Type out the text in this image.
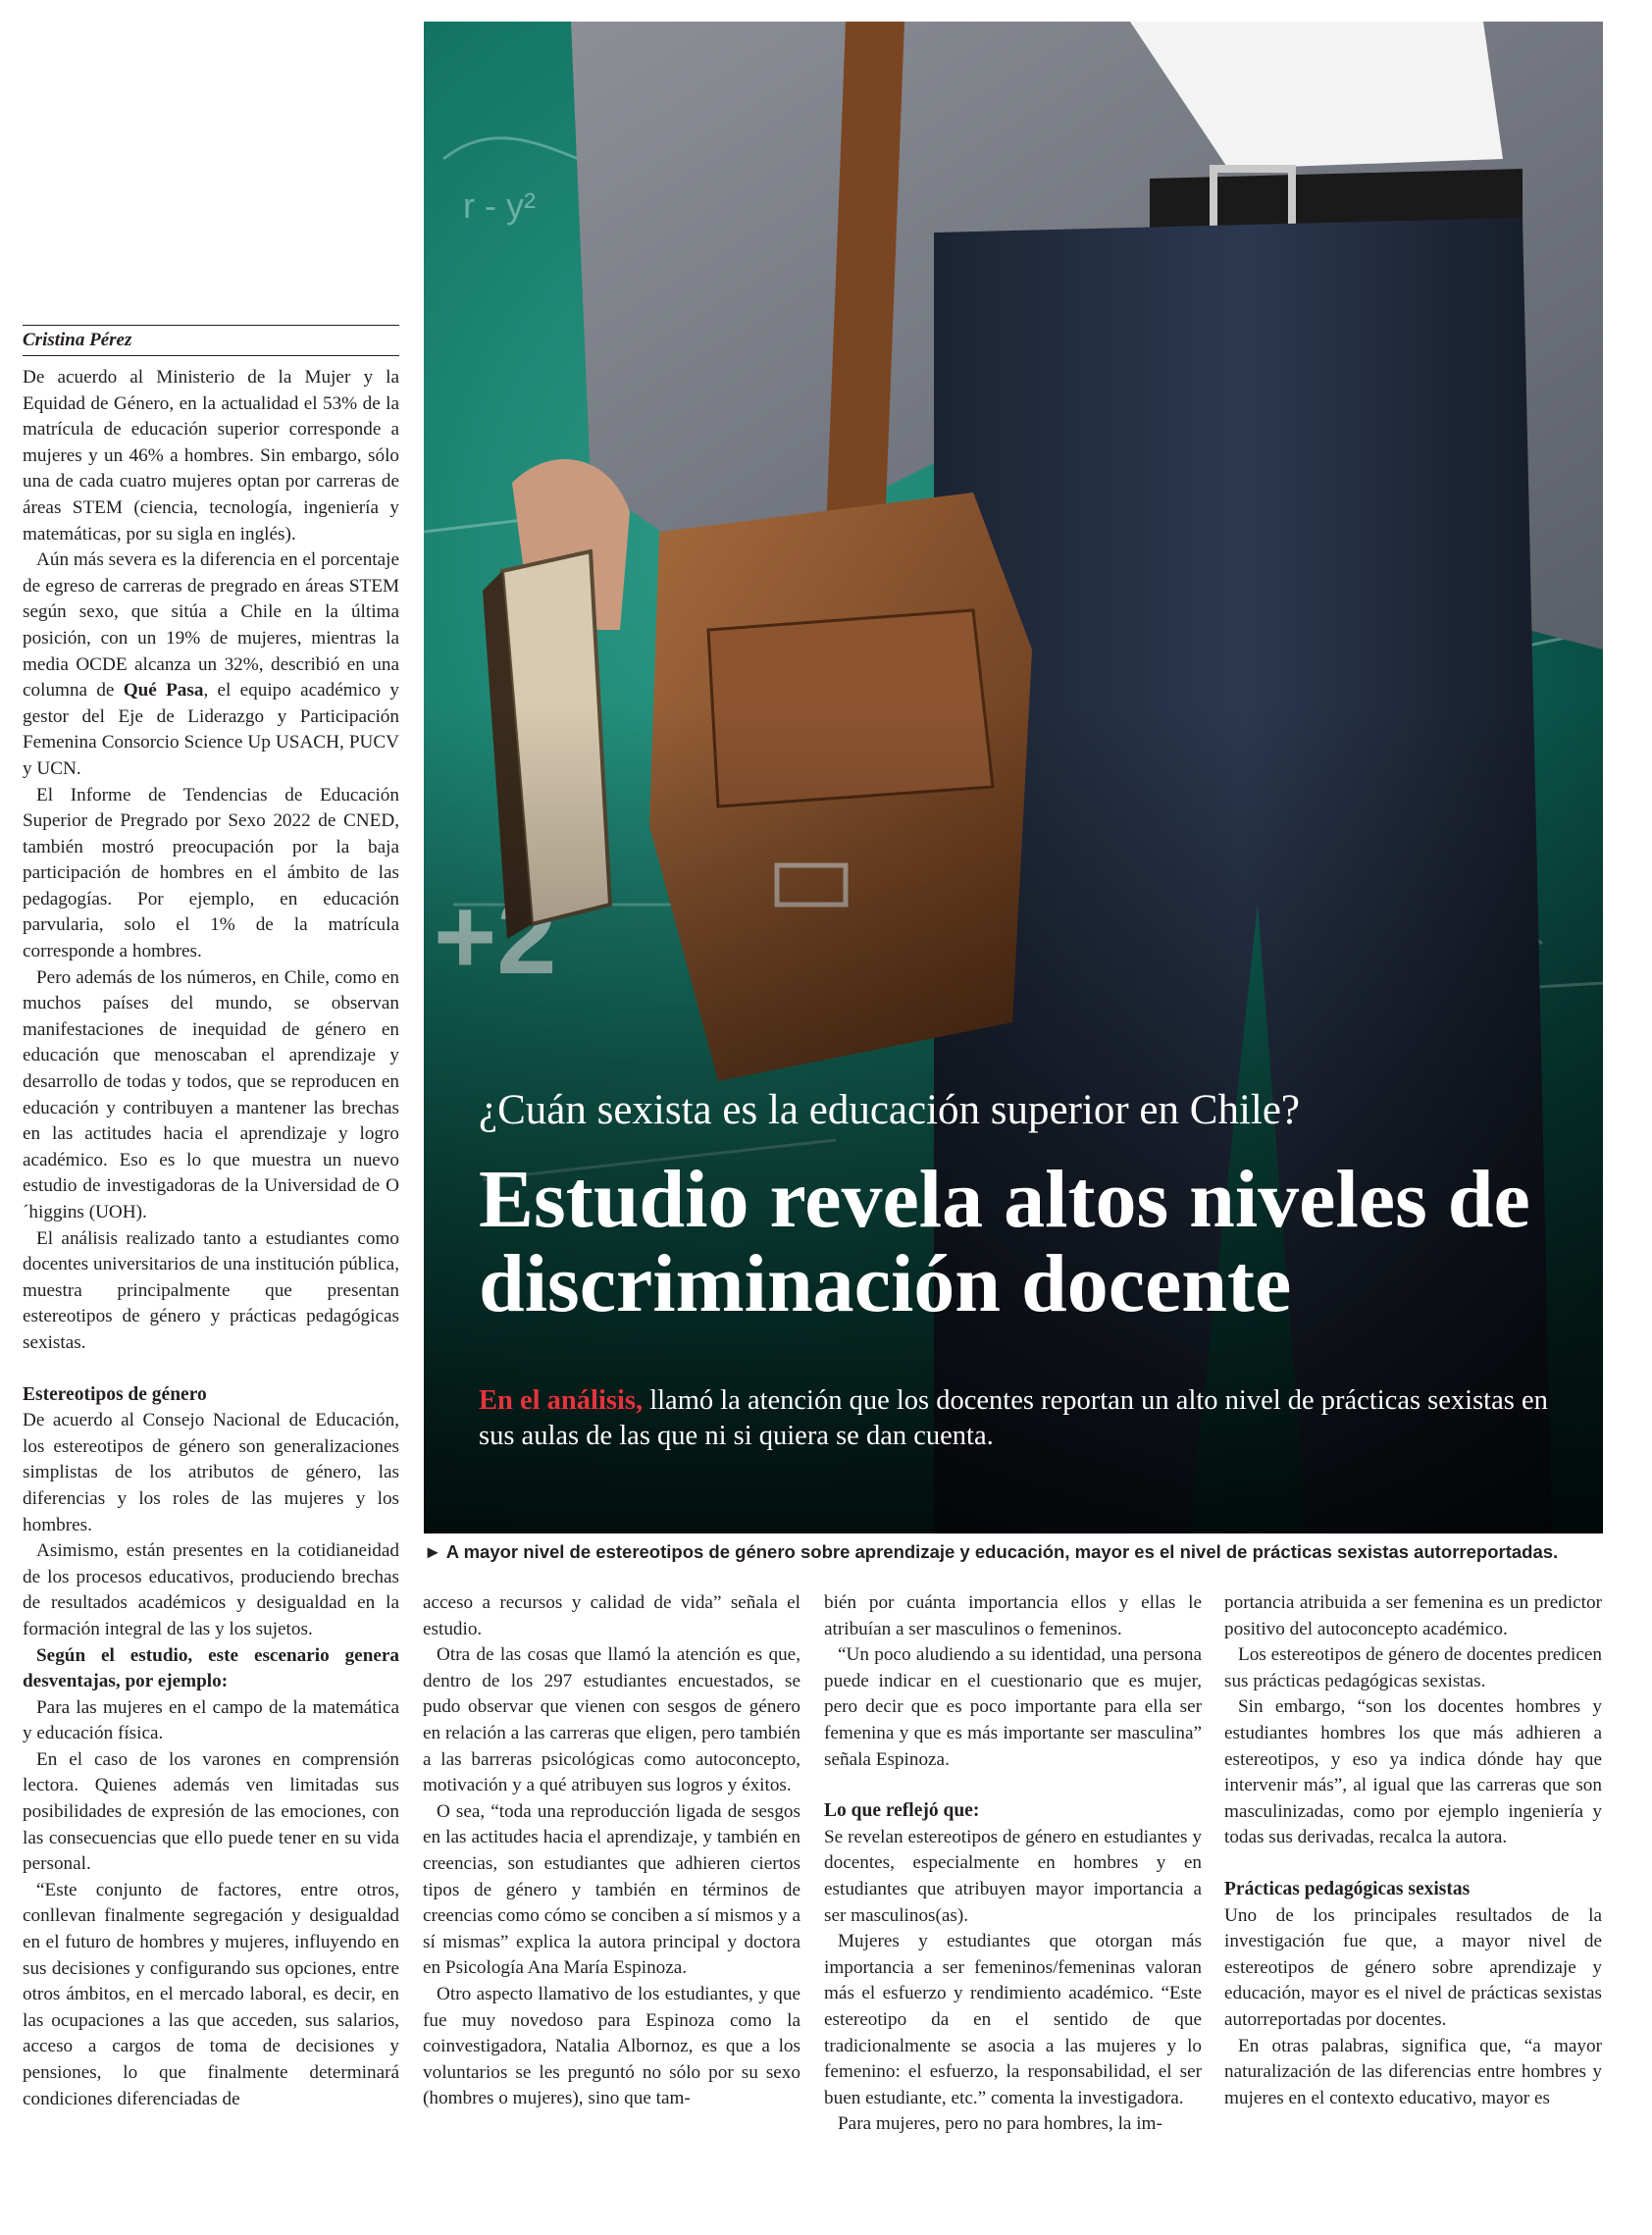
Cristina Pérez

De acuerdo al Ministerio de la Mujer y la Equidad de Género, en la actualidad el 53% de la matrícula de educación superior corresponde a mujeres y un 46% a hombres. Sin embargo, sólo una de cada cuatro mujeres optan por carreras de áreas STEM (ciencia, tecnología, ingeniería y matemáticas, por su sigla en inglés).

Aún más severa es la diferencia en el porcentaje de egreso de carreras de pregrado en áreas STEM según sexo, que sitúa a Chile en la última posición, con un 19% de mujeres, mientras la media OCDE alcanza un 32%, describió en una columna de Qué Pasa, el equipo académico y gestor del Eje de Liderazgo y Participación Femenina Consorcio Science Up USACH, PUCV y UCN.

El Informe de Tendencias de Educación Superior de Pregrado por Sexo 2022 de CNED, también mostró preocupación por la baja participación de hombres en el ámbito de las pedagogías. Por ejemplo, en educación parvularia, solo el 1% de la matrícula corresponde a hombres.

Pero además de los números, en Chile, como en muchos países del mundo, se observan manifestaciones de inequidad de género en educación que menoscaban el aprendizaje y desarrollo de todas y todos, que se reproducen en educación y contribuyen a mantener las brechas en las actitudes hacia el aprendizaje y logro académico. Eso es lo que muestra un nuevo estudio de investigadoras de la Universidad de O´higgins (UOH).

El análisis realizado tanto a estudiantes como docentes universitarios de una institución pública, muestra principalmente que presentan estereotipos de género y prácticas pedagógicas sexistas.

Estereotipos de género

De acuerdo al Consejo Nacional de Educación, los estereotipos de género son generalizaciones simplistas de los atributos de género, las diferencias y los roles de las mujeres y los hombres.

Asimismo, están presentes en la cotidianeidad de los procesos educativos, produciendo brechas de resultados académicos y desigualdad en la formación integral de las y los sujetos.

Según el estudio, este escenario genera desventajas, por ejemplo:

Para las mujeres en el campo de la matemática y educación física.

En el caso de los varones en comprensión lectora. Quienes además ven limitadas sus posibilidades de expresión de las emociones, con las consecuencias que ello puede tener en su vida personal.

“Este conjunto de factores, entre otros, conllevan finalmente segregación y desigualdad en el futuro de hombres y mujeres, influyendo en sus decisiones y configurando sus opciones, entre otros ámbitos, en el mercado laboral, es decir, en las ocupaciones a las que acceden, sus salarios, acceso a cargos de toma de decisiones y pensiones, lo que finalmente determinará condiciones diferenciadas de

¿Cuán sexista es la educación superior en Chile?
Estudio revela altos niveles de discriminación docente
En el análisis, llamó la atención que los docentes reportan un alto nivel de prácticas sexistas en sus aulas de las que ni si quiera se dan cuenta.
► A mayor nivel de estereotipos de género sobre aprendizaje y educación, mayor es el nivel de prácticas sexistas autorreportadas.

acceso a recursos y calidad de vida” señala el estudio.

Otra de las cosas que llamó la atención es que, dentro de los 297 estudiantes encuestados, se pudo observar que vienen con sesgos de género en relación a las carreras que eligen, pero también a las barreras psicológicas como autoconcepto, motivación y a qué atribuyen sus logros y éxitos.

O sea, “toda una reproducción ligada de sesgos en las actitudes hacia el aprendizaje, y también en creencias, son estudiantes que adhieren ciertos tipos de género y también en términos de creencias como cómo se conciben a sí mismos y a sí mismas” explica la autora principal y doctora en Psicología Ana María Espinoza.

Otro aspecto llamativo de los estudiantes, y que fue muy novedoso para Espinoza como la coinvestigadora, Natalia Albornoz, es que a los voluntarios se les preguntó no sólo por su sexo (hombres o mujeres), sino que tam-

bién por cuánta importancia ellos y ellas le atribuían a ser masculinos o femeninos.

“Un poco aludiendo a su identidad, una persona puede indicar en el cuestionario que es mujer, pero decir que es poco importante para ella ser femenina y que es más importante ser masculina” señala Espinoza.

Lo que reflejó que:

Se revelan estereotipos de género en estudiantes y docentes, especialmente en hombres y en estudiantes que atribuyen mayor importancia a ser masculinos(as).

Mujeres y estudiantes que otorgan más importancia a ser femeninos/femeninas valoran más el esfuerzo y rendimiento académico. “Este estereotipo da en el sentido de que tradicionalmente se asocia a las mujeres y lo femenino: el esfuerzo, la responsabilidad, el ser buen estudiante, etc.” comenta la investigadora.

Para mujeres, pero no para hombres, la im-

portancia atribuida a ser femenina es un predictor positivo del autoconcepto académico.

Los estereotipos de género de docentes predicen sus prácticas pedagógicas sexistas.

Sin embargo, “son los docentes hombres y estudiantes hombres los que más adhieren a estereotipos, y eso ya indica dónde hay que intervenir más”, al igual que las carreras que son masculinizadas, como por ejemplo ingeniería y todas sus derivadas, recalca la autora.

Prácticas pedagógicas sexistas

Uno de los principales resultados de la investigación fue que, a mayor nivel de estereotipos de género sobre aprendizaje y educación, mayor es el nivel de prácticas sexistas autorreportadas por docentes.

En otras palabras, significa que, “a mayor naturalización de las diferencias entre hombres y mujeres en el contexto educativo, mayor es
